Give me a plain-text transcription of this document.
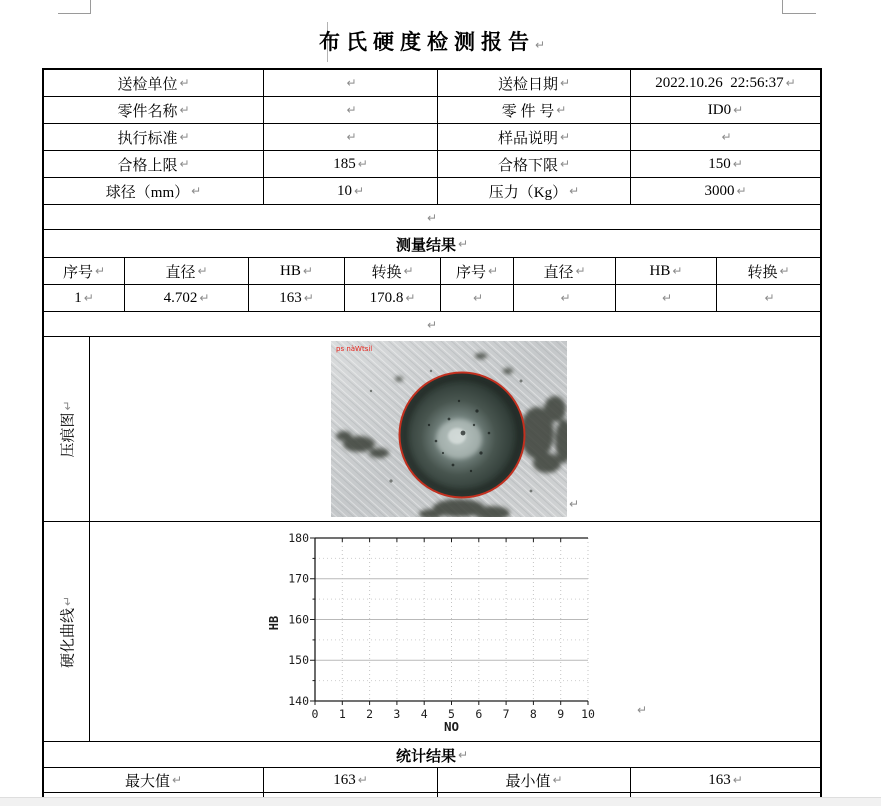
布氏硬度检测报告↵
送检单位 ↵	↵	送检日期 ↵	2022.10.26  22:56:37 ↵
零件名称 ↵	↵	零 件 号 ↵	ID0 ↵
执行标准 ↵	↵	样品说明 ↵	↵
合格上限 ↵	185 ↵	合格下限 ↵	150 ↵
球径（mm） ↵	10 ↵	压力（Kg） ↵	3000 ↵
↵
测量结果 ↵
序号 ↵	直径 ↵	HB ↵	转换 ↵	序号 ↵	直径 ↵	HB ↵	转换 ↵
1 ↵	4.702 ↵	163 ↵	170.8 ↵	↵	↵	↵	↵
↵
压痕图
↵
ps nàWtsil
↵
硬化曲线
↵
180
170
160
150
140
0 1 2 3 4 5 6 7 8 9 10
HB
NO
↵
统计结果 ↵
最大值 ↵	163 ↵	最小值 ↵	163 ↵
